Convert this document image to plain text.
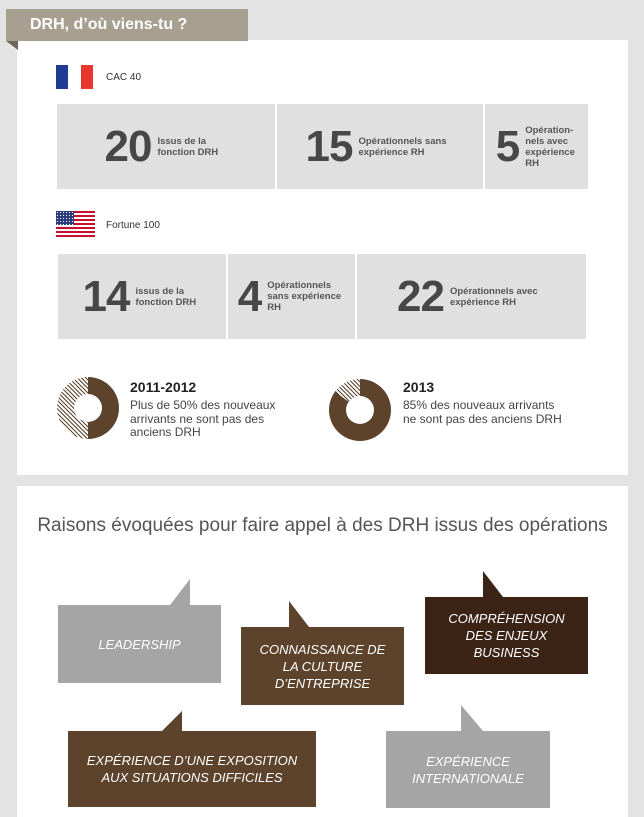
DRH, d’où viens-tu ?
CAC 40
20 Issus de la fonction DRH 15 Opérationnels sans expérience RH	5 Opération-nels avec expérience RH
Fortune 100
14 issus de la fonction DRH 4 Opérationnels sans expérience RH	22 Opérationnels avec expérience RH
2011-2012
Plus de 50% des nouveaux arrivants ne sont pas des anciens DRH
2013
85% des nouveaux arrivants ne sont pas des anciens DRH
Raisons évoquées pour faire appel à des DRH issus des opérations
LEADERSHIP	CONNAISSANCE DE LA CULTURE D’ENTREPRISE
COMPRÉHENSION DES ENJEUX BUSINESS
EXPÉRIENCE D’UNE EXPOSITION AUX SITUATIONS DIFFICILES
EXPÉRIENCE INTERNATIONALE
